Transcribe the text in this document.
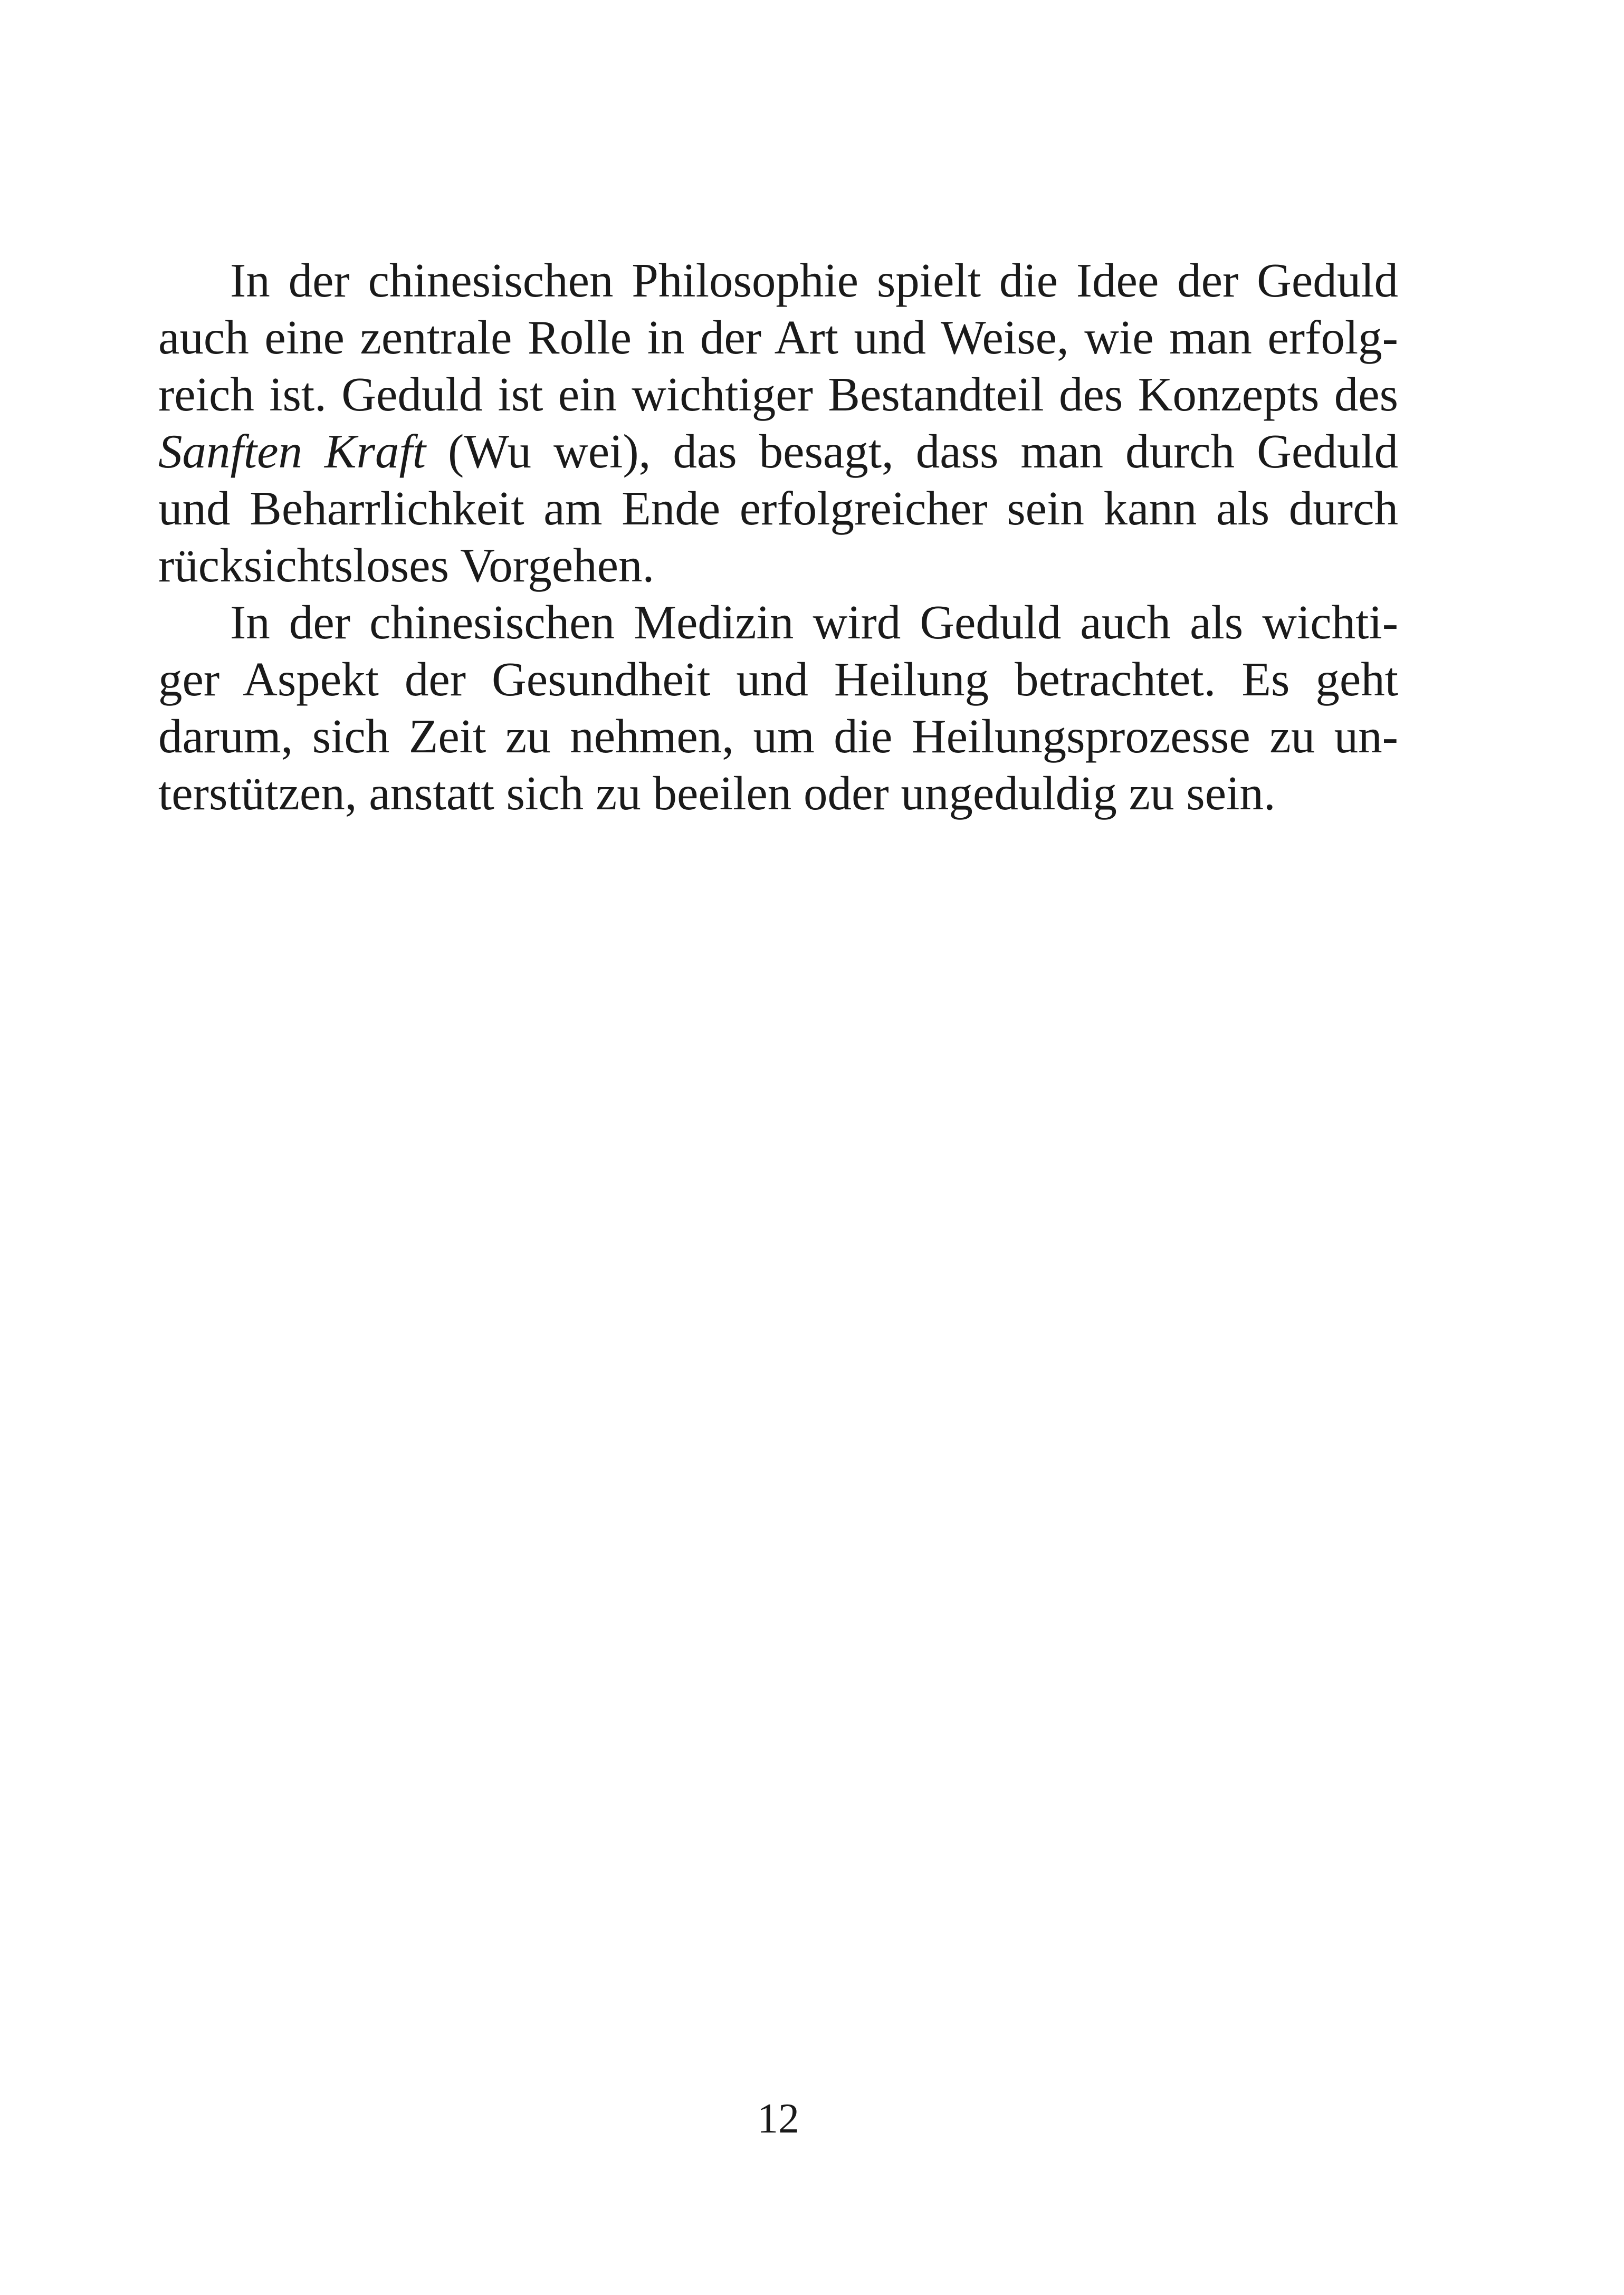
In der chinesischen Philosophie spielt die Idee der Geduld
auch eine zentrale Rolle in der Art und Weise, wie man erfolg-
reich ist. Geduld ist ein wichtiger Bestandteil des Konzepts des
Sanften Kraft (Wu wei), das besagt, dass man durch Geduld
und Beharrlichkeit am Ende erfolgreicher sein kann als durch
rücksichtsloses Vorgehen.
In der chinesischen Medizin wird Geduld auch als wichti-
ger Aspekt der Gesundheit und Heilung betrachtet. Es geht
darum, sich Zeit zu nehmen, um die Heilungsprozesse zu un-
terstützen, anstatt sich zu beeilen oder ungeduldig zu sein.
12
